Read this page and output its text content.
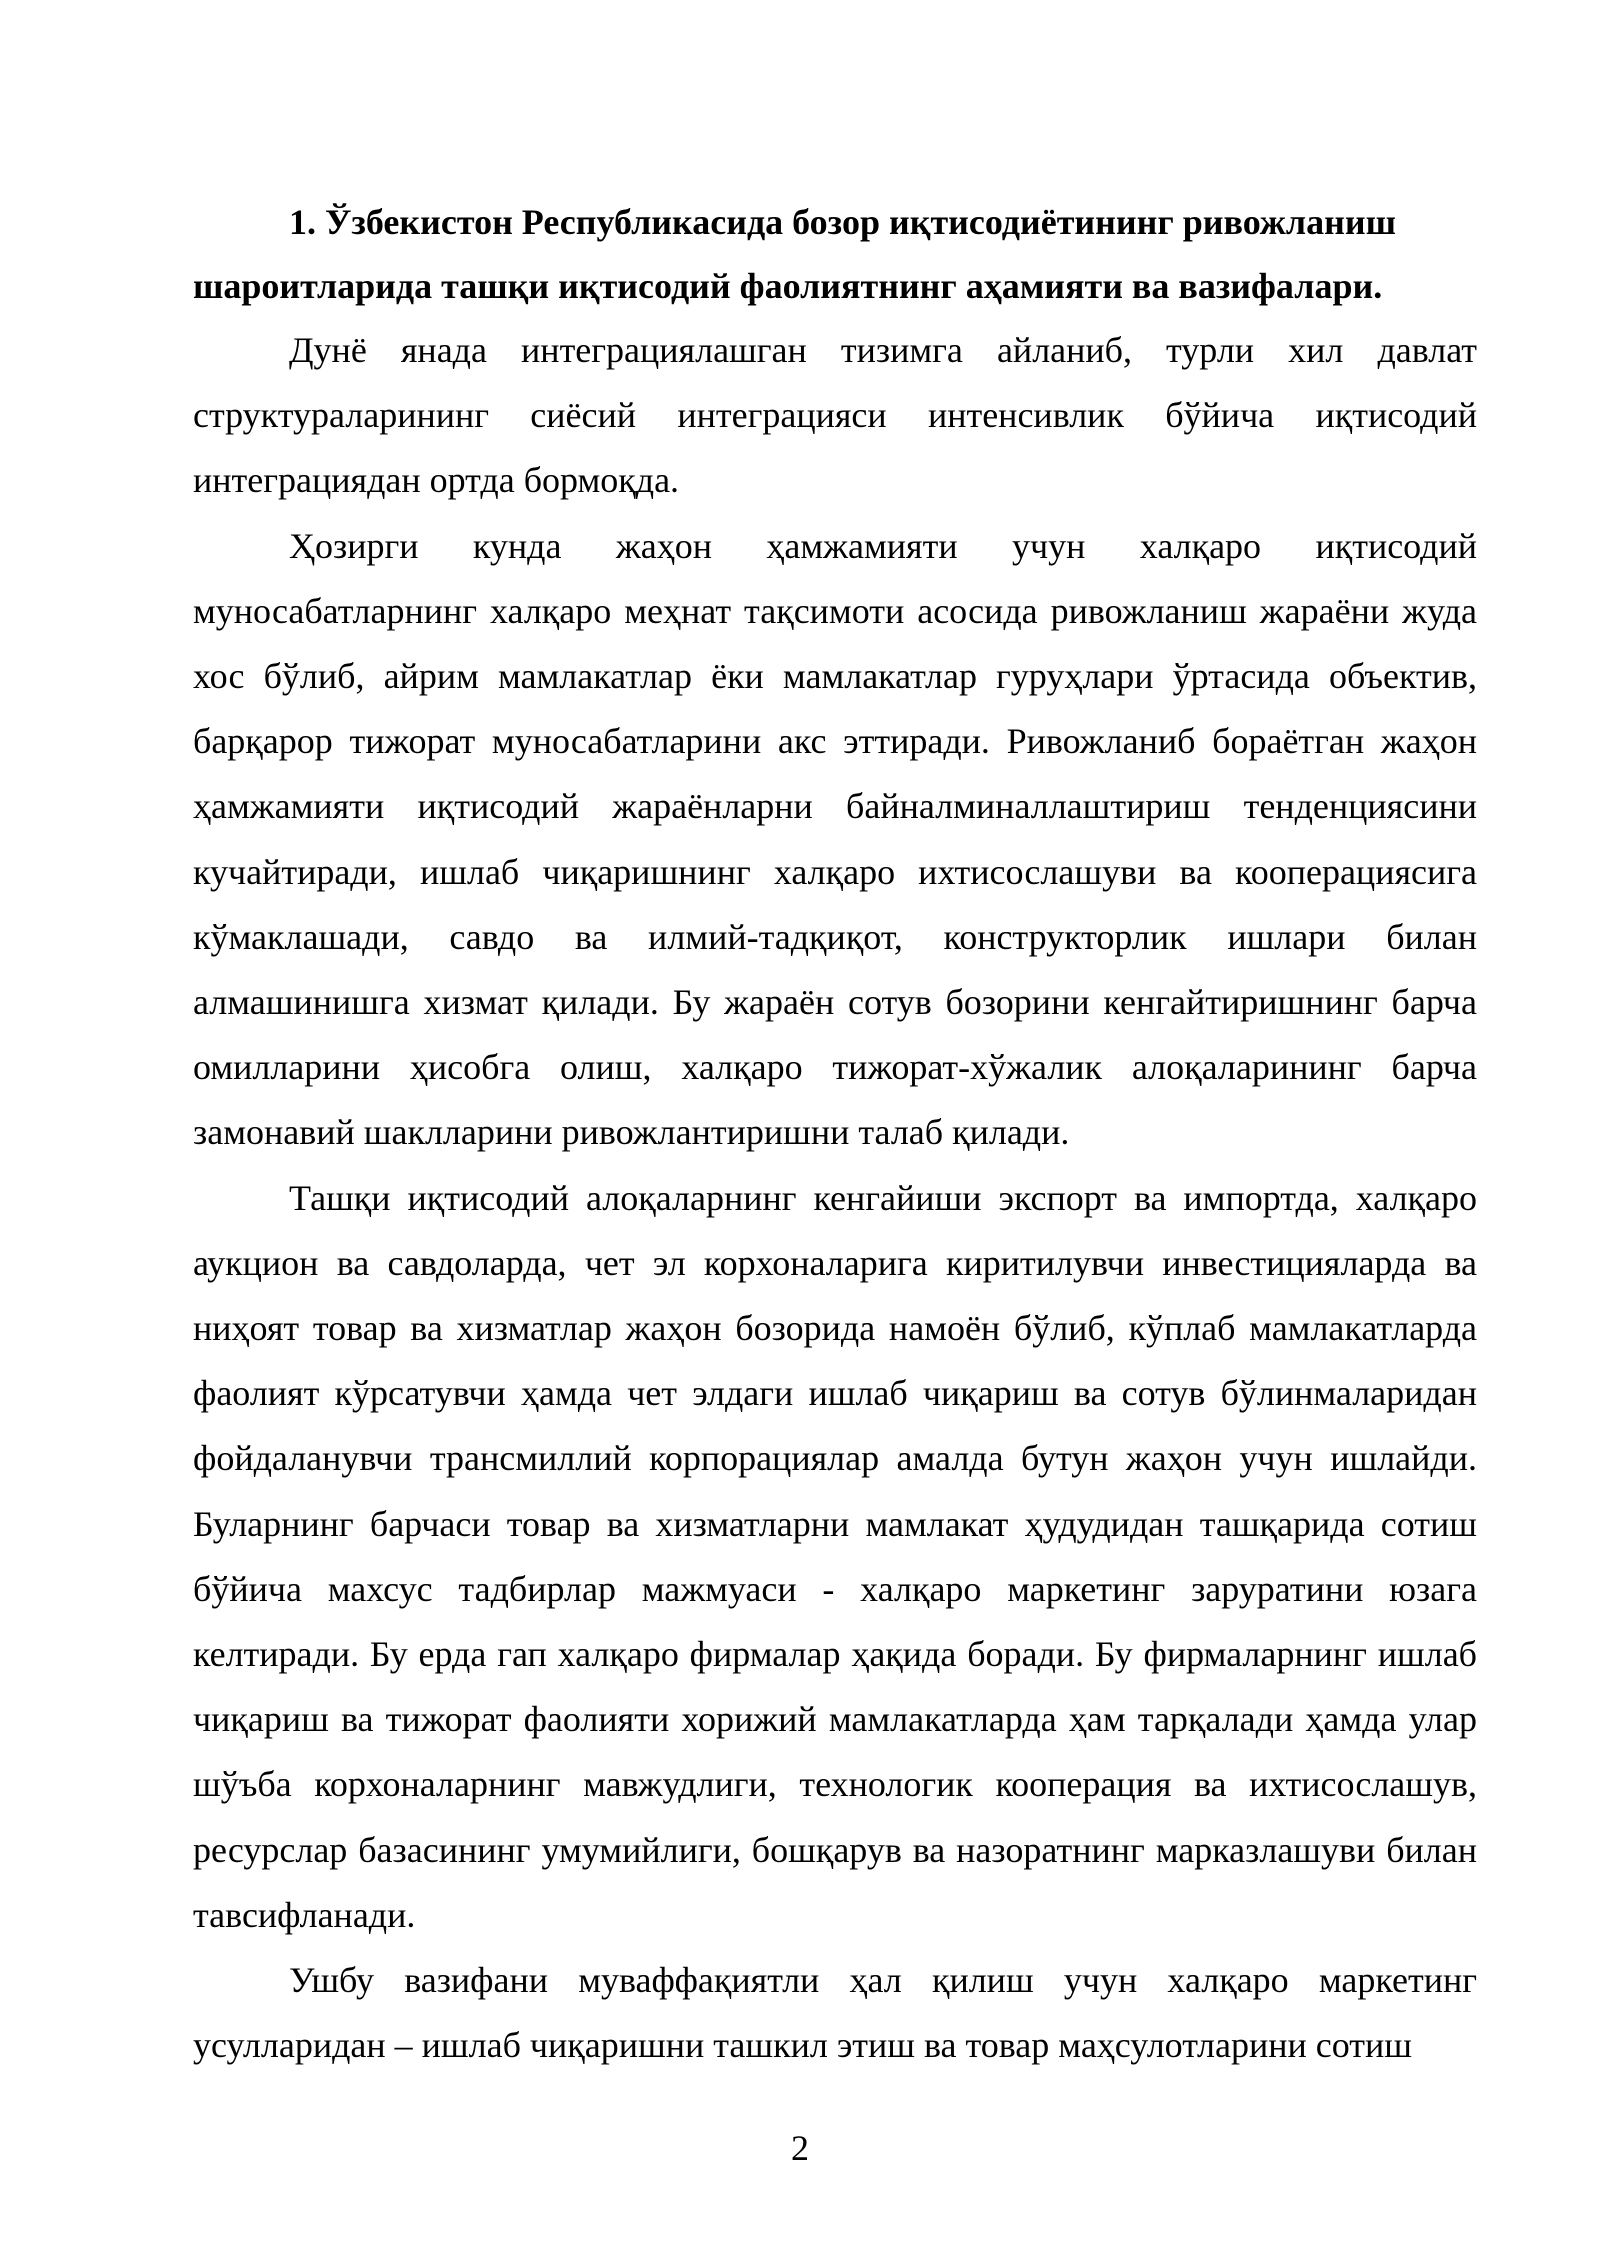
1. Ўзбекистон Республикасида бозор иқтисодиётининг ривожланиш шароитларида ташқи иқтисодий фаолиятнинг аҳамияти ва вазифалари.

Дунё янада интеграциялашган тизимга айланиб, турли хил давлат структураларининг сиёсий интеграцияси интенсивлик бўйича иқтисодий интеграциядан ортда бормоқда.

Ҳозирги кунда жаҳон ҳамжамияти учун халқаро иқтисодий муносабатларнинг халқаро меҳнат тақсимоти асосида ривожланиш жараёни жуда хос бўлиб, айрим мамлакатлар ёки мамлакатлар гуруҳлари ўртасида объектив, барқарор тижорат муносабатларини акс эттиради. Ривожланиб бораётган жаҳон ҳамжамияти иқтисодий жараёнларни байналминаллаштириш тенденциясини кучайтиради, ишлаб чиқаришнинг халқаро ихтисослашуви ва кооперациясига кўмаклашади, савдо ва илмий-тадқиқот, конструкторлик ишлари билан алмашинишга хизмат қилади. Бу жараён сотув бозорини кенгайтиришнинг барча омилларини ҳисобга олиш, халқаро тижорат-хўжалик алоқаларининг барча замонавий шаклларини ривожлантиришни талаб қилади.

Ташқи иқтисодий алоқаларнинг кенгайиши экспорт ва импортда, халқаро аукцион ва савдоларда, чет эл корхоналарига киритилувчи инвестицияларда ва ниҳоят товар ва хизматлар жаҳон бозорида намоён бўлиб, кўплаб мамлакатларда фаолият кўрсатувчи ҳамда чет элдаги ишлаб чиқариш ва сотув бўлинмаларидан фойдаланувчи трансмиллий корпорациялар амалда бутун жаҳон учун ишлайди. Буларнинг барчаси товар ва хизматларни мамлакат ҳудудидан ташқарида сотиш бўйича махсус тадбирлар мажмуаси - халқаро маркетинг заруратини юзага келтиради. Бу ерда гап халқаро фирмалар ҳақида боради. Бу фирмаларнинг ишлаб чиқариш ва тижорат фаолияти хорижий мамлакатларда ҳам тарқалади ҳамда улар шўъба корхоналарнинг мавжудлиги, технологик кооперация ва ихтисослашув, ресурслар базасининг умумийлиги, бошқарув ва назоратнинг марказлашуви билан тавсифланади.

Ушбу вазифани муваффақиятли ҳал қилиш учун халқаро маркетинг усулларидан – ишлаб чиқаришни ташкил этиш ва товар маҳсулотларини сотиш

2
